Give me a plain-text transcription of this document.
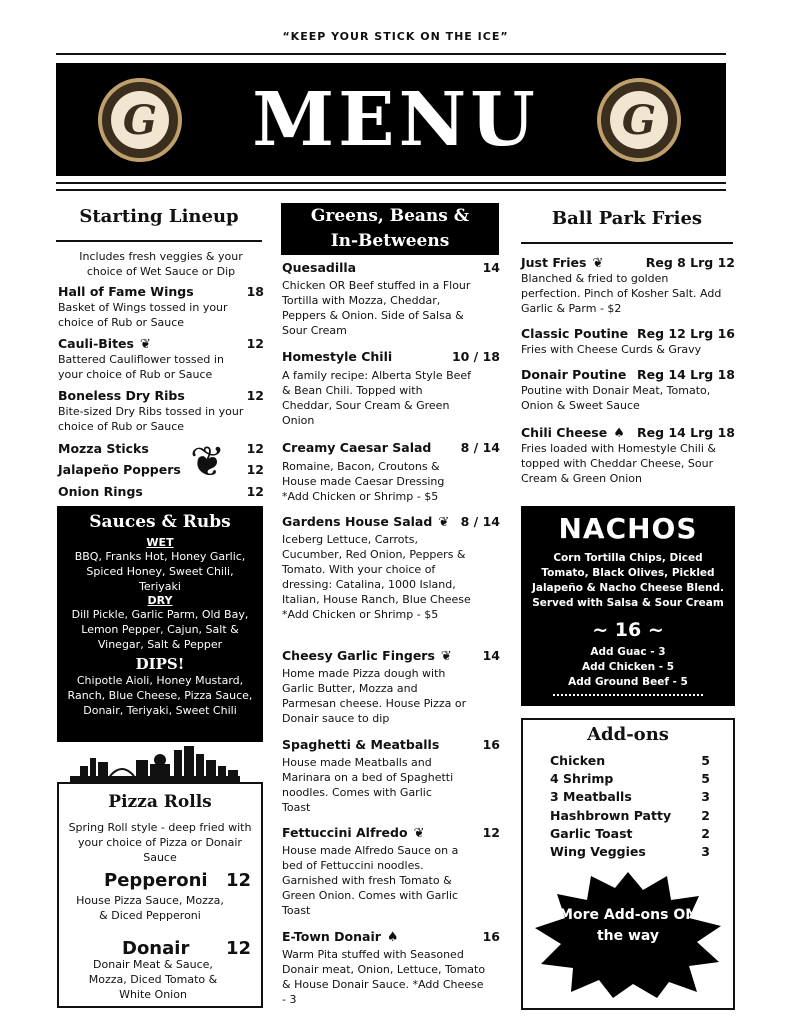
“KEEP YOUR STICK ON THE ICE”
MENU
G	G
Starting Lineup
Includes fresh veggies & your choice of Wet Sauce or Dip
Hall of Fame Wings	18
Basket of Wings tossed in your choice of Rub or Sauce
Cauli-Bites ❦	12
Battered Cauliflower tossed in your choice of Rub or Sauce
Boneless Dry Ribs	12
Bite-sized Dry Ribs tossed in your choice of Rub or Sauce
Mozza Sticks	12
Jalapeño Poppers	12
Onion Rings	12
❦
Sauces & Rubs
WET
BBQ, Franks Hot, Honey Garlic, Spiced Honey, Sweet Chili, Teriyaki
DRY
Dill Pickle, Garlic Parm, Old Bay, Lemon Pepper, Cajun, Salt & Vinegar, Salt & Pepper
DIPS!
Chipotle Aioli, Honey Mustard, Ranch, Blue Cheese, Pizza Sauce, Donair, Teriyaki, Sweet Chili
Pizza Rolls
Spring Roll style - deep fried with your choice of Pizza or Donair Sauce
Pepperoni 12
House Pizza Sauce, Mozza, & Diced Pepperoni
Donair 12
Donair Meat & Sauce, Mozza, Diced Tomato & White Onion
Greens, Beans &
In-Betweens
Quesadilla	14
Chicken OR Beef stuffed in a Flour Tortilla with Mozza, Cheddar, Peppers & Onion. Side of Salsa & Sour Cream
Homestyle Chili	10 / 18
A family recipe: Alberta Style Beef & Bean Chili. Topped with Cheddar, Sour Cream & Green Onion
Creamy Caesar Salad	8 / 14
Romaine, Bacon, Croutons & House made Caesar Dressing *Add Chicken or Shrimp - $5
Gardens House Salad ❦ 8 / 14
Iceberg Lettuce, Carrots, Cucumber, Red Onion, Peppers & Tomato. With your choice of dressing: Catalina, 1000 Island, Italian, House Ranch, Blue Cheese *Add Chicken or Shrimp - $5
Cheesy Garlic Fingers ❦	14
Home made Pizza dough with Garlic Butter, Mozza and Parmesan cheese. House Pizza or Donair sauce to dip
Spaghetti & Meatballs	16
House made Meatballs and Marinara on a bed of Spaghetti noodles. Comes with Garlic Toast
Fettuccini Alfredo ❦	12
House made Alfredo Sauce on a bed of Fettuccini noodles. Garnished with fresh Tomato & Green Onion. Comes with Garlic Toast
E-Town Donair ♠	16
Warm Pita stuffed with Seasoned Donair meat, Onion, Lettuce, Tomato & House Donair Sauce. *Add Cheese - 3
Ball Park Fries
Just Fries ❦	Reg 8 Lrg 12
Blanched & fried to golden perfection. Pinch of Kosher Salt. Add Garlic & Parm - $2
Classic Poutine Reg 12 Lrg 16
Fries with Cheese Curds & Gravy
Donair Poutine Reg 14 Lrg 18
Poutine with Donair Meat, Tomato, Onion & Sweet Sauce
Chili Cheese ♠ Reg 14 Lrg 18
Fries loaded with Homestyle Chili & topped with Cheddar Cheese, Sour Cream & Green Onion
NACHOS
Corn Tortilla Chips, Diced Tomato, Black Olives, Pickled Jalapeño & Nacho Cheese Blend. Served with Salsa & Sour Cream
~ 16 ~
Add Guac - 3
Add Chicken - 5
Add Ground Beef - 5
Add-ons
Chicken	5
4 Shrimp	5
3 Meatballs	3
Hashbrown Patty	2
Garlic Toast	2
Wing Veggies	3
More Add-ons ON the way
